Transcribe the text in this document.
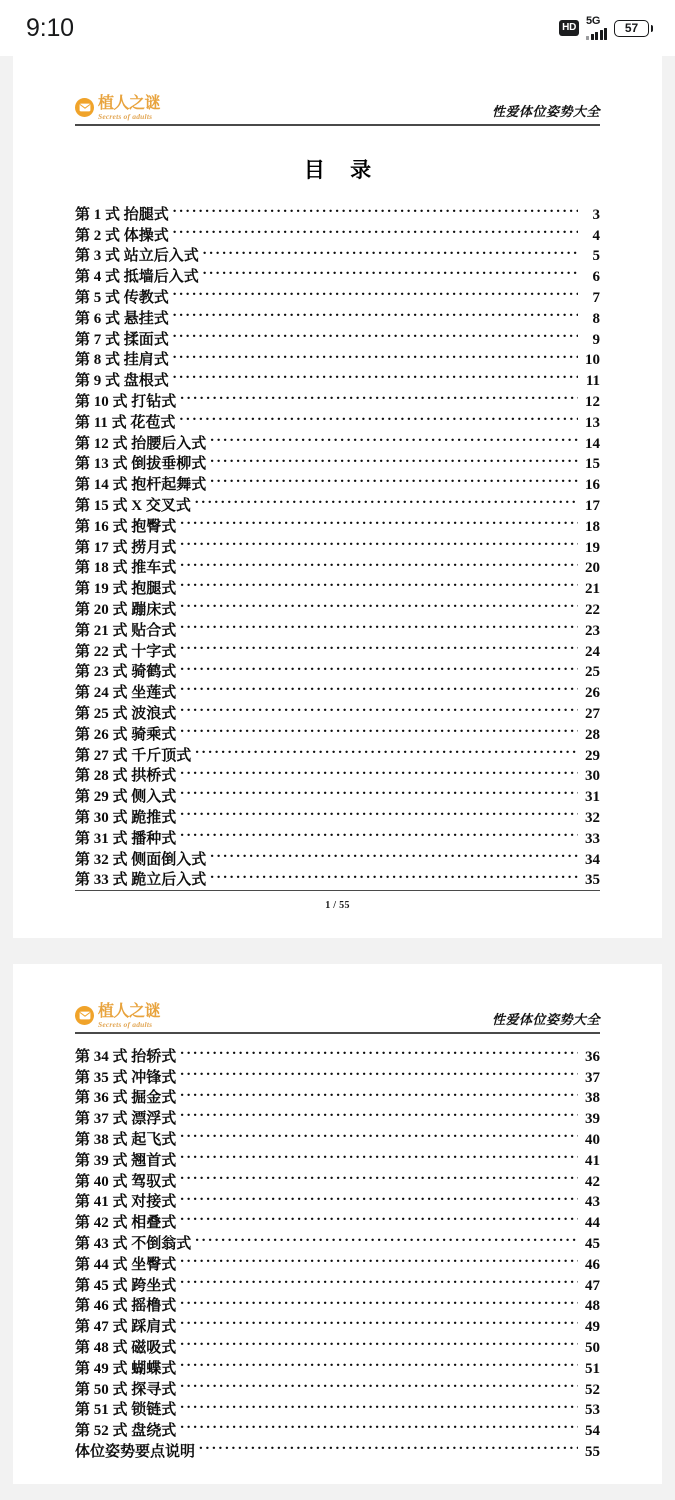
9:10	HD
5G 57
植人之谜
Secrets of adults	性爱体位姿势大全
目 录
第 1 式 抬腿式 . . .	3
第 2 式 体操式 . . .	4
第 3 式 站立后入式 . . .	5
第 4 式 抵墙后入式 . . .	6
第 5 式 传教式 . . .	7
第 6 式 悬挂式 . . .	8
第 7 式 揉面式 . . .	9
第 8 式 挂肩式 . . .	10
第 9 式 盘根式 . . .	11
第 10 式 打钻式 . . .	12
第 11 式 花苞式 . . .	13
第 12 式 抬腰后入式 . . .	14
第 13 式 倒拔垂柳式 . . .	15
第 14 式 抱杆起舞式 . . .	16
第 15 式 X 交叉式 . . .	17
第 16 式 抱臀式 . . .	18
第 17 式 捞月式 . . .	19
第 18 式 推车式 . . .	20
第 19 式 抱腿式 . . .	21
第 20 式 蹦床式 . . .	22
第 21 式 贴合式 . . .	23
第 22 式 十字式 . . .	24
第 23 式 骑鹤式 . . .	25
第 24 式 坐莲式 . . .	26
第 25 式 波浪式 . . .	27
第 26 式 骑乘式 . . .	28
第 27 式 千斤顶式 . . .	29
第 28 式 拱桥式 . . .	30
第 29 式 侧入式 . . .	31
第 30 式 跪推式 . . .	32
第 31 式 播种式 . . .	33
第 32 式 侧面倒入式 . . .	34
第 33 式 跪立后入式 . . .	35
1 / 55
植人之谜
Secrets of adults	性爱体位姿势大全
第 34 式 抬轿式 . . .	36
第 35 式 冲锋式 . . .	37
第 36 式 掘金式 . . .	38
第 37 式 漂浮式 . . .	39
第 38 式 起飞式 . . .	40
第 39 式 翘首式 . . .	41
第 40 式 驾驭式 . . .	42
第 41 式 对接式 . . .	43
第 42 式 相叠式 . . .	44
第 43 式 不倒翁式 . . .	45
第 44 式 坐臀式 . . .	46
第 45 式 跨坐式 . . .	47
第 46 式 摇橹式 . . .	48
第 47 式 踩肩式 . . .	49
第 48 式 磁吸式 . . .	50
第 49 式 蝴蝶式 . . .	51
第 50 式 探寻式 . . .	52
第 51 式 锁链式 . . .	53
第 52 式 盘绕式 . . .	54
体位姿势要点说明 . . .	55
